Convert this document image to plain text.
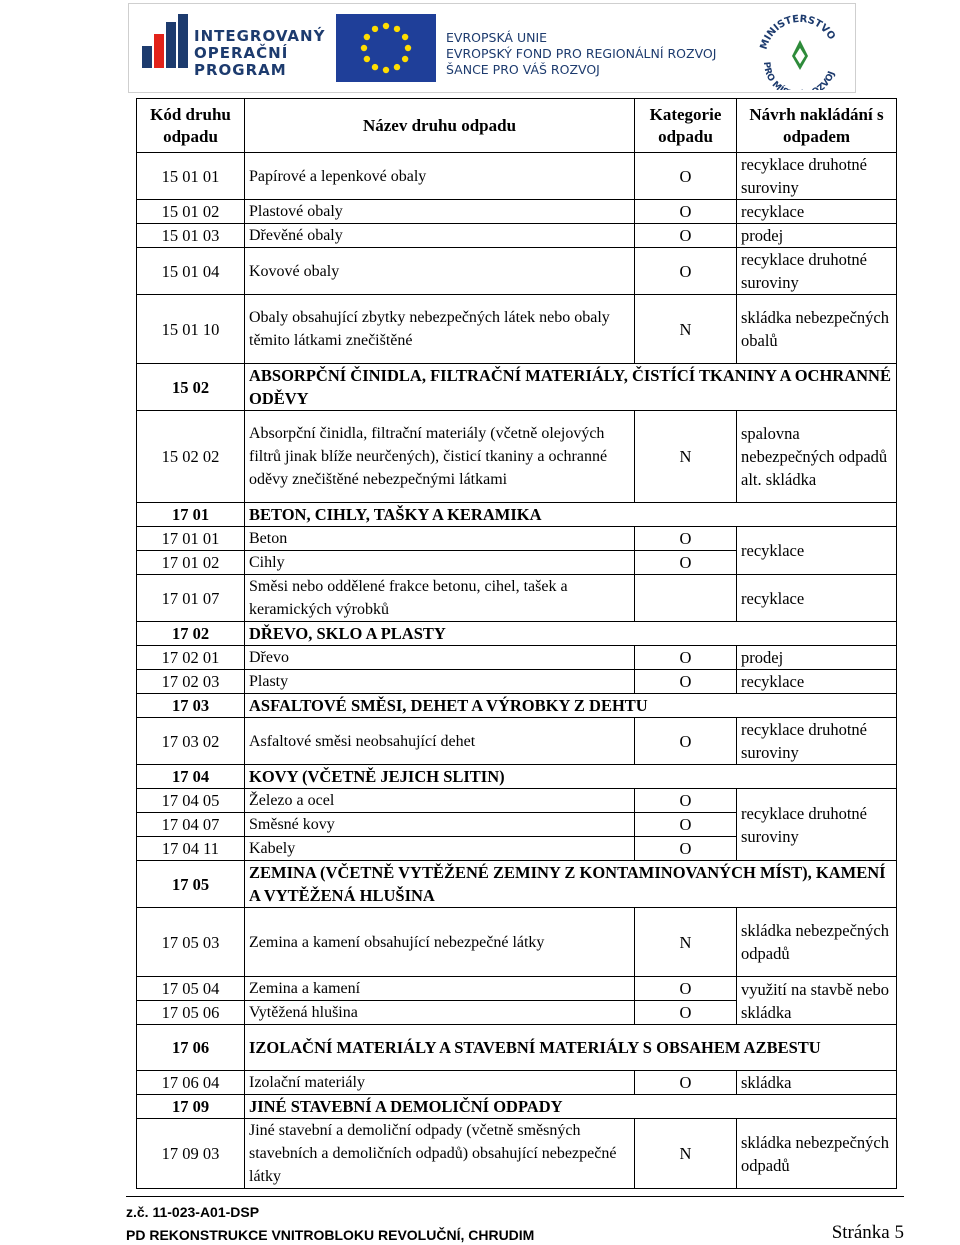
INTEGROVANÝ
OPERAČNÍ
PROGRAM
EVROPSKÁ UNIE
EVROPSKÝ FOND PRO REGIONÁLNÍ ROZVOJ
ŠANCE PRO VÁŠ ROZVOJ
MINISTERSTVO
PRO M ZVOJ
Kód druhu odpadu	Název druhu odpadu	Kategorie odpadu	Návrh nakládání s odpadem
15 01 01	Papírové a lepenkové obaly	O	recyklace druhotné suroviny
15 01 02	Plastové obaly	O	recyklace
15 01 03	Dřevěné obaly	O	prodej
15 01 04	Kovové obaly	O	recyklace druhotné suroviny
15 01 10	Obaly obsahující zbytky nebezpečných látek nebo obaly těmito látkami znečištěné	N	skládka nebezpečných obalů
15 02	ABSORPČNÍ ČINIDLA, FILTRAČNÍ MATERIÁLY, ČISTÍCÍ TKANINY A OCHRANNÉ ODĚVY		
15 02 02	Absorpční činidla, filtrační materiály (včetně olejových filtrů jinak blíže neurčených), čisticí tkaniny a ochranné oděvy znečištěné nebezpečnými látkami	N	spalovna nebezpečných odpadů alt. skládka
17 01	BETON, CIHLY, TAŠKY A KERAMIKA		
17 01 01	Beton	O	recyklace
17 01 02	Cihly	O	
17 01 07	Směsi nebo oddělené frakce betonu, cihel, tašek a keramických výrobků		recyklace
17 02	DŘEVO, SKLO A PLASTY		
17 02 01	Dřevo	O	prodej
17 02 03	Plasty	O	recyklace
17 03	ASFALTOVÉ SMĚSI, DEHET A VÝROBKY Z DEHTU		
17 03 02	Asfaltové směsi neobsahující dehet	O	recyklace druhotné suroviny
17 04	KOVY (VČETNĚ JEJICH SLITIN)		
17 04 05	Železo a ocel	O	recyklace druhotné suroviny
17 04 07	Směsné kovy	O	
17 04 11	Kabely	O	
17 05	ZEMINA (VČETNĚ VYTĚŽENÉ ZEMINY Z KONTAMINOVANÝCH MÍST), KAMENÍ A VYTĚŽENÁ HLUŠINA		
17 05 03	Zemina a kamení obsahující nebezpečné látky	N	skládka nebezpečných odpadů
17 05 04	Zemina a kamení	O	využití na stavbě nebo skládka
17 05 06	Vytěžená hlušina	O	
17 06	IZOLAČNÍ MATERIÁLY A STAVEBNÍ MATERIÁLY S OBSAHEM AZBESTU		
17 06 04	Izolační materiály	O	skládka
17 09	JINÉ STAVEBNÍ A DEMOLIČNÍ ODPADY		
17 09 03	Jiné stavební a demoliční odpady (včetně směsných stavebních a demoličních odpadů) obsahující nebezpečné látky	N	skládka nebezpečných odpadů
z.č. 11-023-A01-DSP
PD REKONSTRUKCE VNITROBLOKU REVOLUČNÍ, CHRUDIM	Stránka 5
